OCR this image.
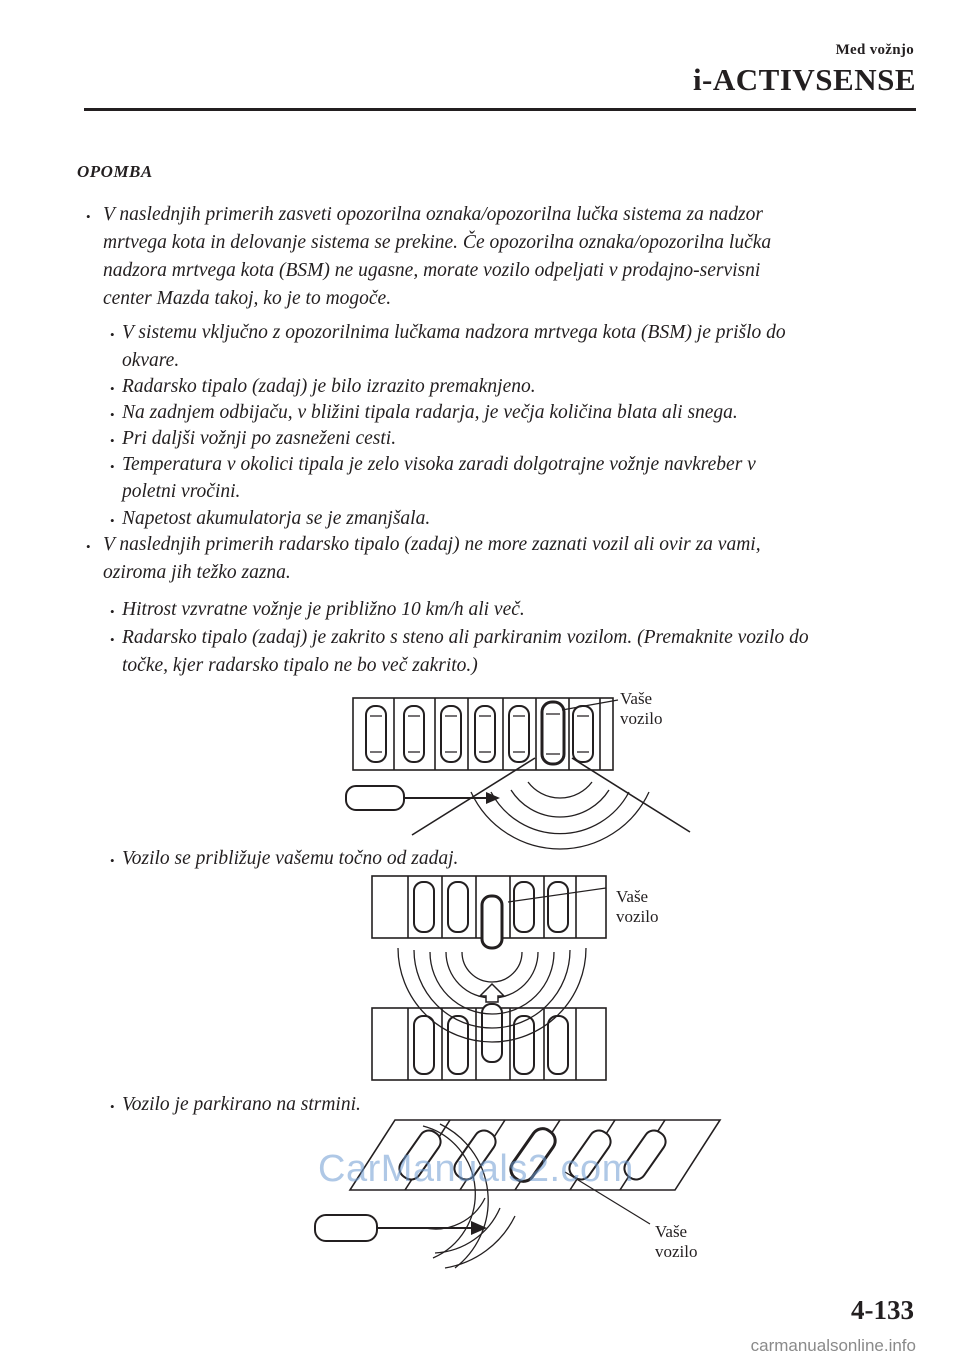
Med vožnjo
i-ACTIVSENSE
OPOMBA
• V naslednjih primerih zasveti opozorilna oznaka/opozorilna lučka sistema za nadzor
mrtvega kota in delovanje sistema se prekine. Če opozorilna oznaka/opozorilna lučka
nadzora mrtvega kota (BSM) ne ugasne, morate vozilo odpeljati v prodajno-servisni
center Mazda takoj, ko je to mogoče.
• V sistemu vključno z opozorilnima lučkama nadzora mrtvega kota (BSM) je prišlo do
okvare.
• Radarsko tipalo (zadaj) je bilo izrazito premaknjeno.
• Na zadnjem odbijaču, v bližini tipala radarja, je večja količina blata ali snega.
• Pri daljši vožnji po zasneženi cesti.
• Temperatura v okolici tipala je zelo visoka zaradi dolgotrajne vožnje navkreber v
poletni vročini.
• Napetost akumulatorja se je zmanjšala.
• V naslednjih primerih radarsko tipalo (zadaj) ne more zaznati vozil ali ovir za vami,
oziroma jih težko zazna.
• Hitrost vzvratne vožnje je približno 10 km/h ali več.
• Radarsko tipalo (zadaj) je zakrito s steno ali parkiranim vozilom. (Premaknite vozilo do
točke, kjer radarsko tipalo ne bo več zakrito.)
Vaše
vozilo
• Vozilo se približuje vašemu točno od zadaj.
Vaše
vozilo
• Vozilo je parkirano na strmini.
Vaše
vozilo
CarManuals2.com
4-133
carmanualsonline.info
